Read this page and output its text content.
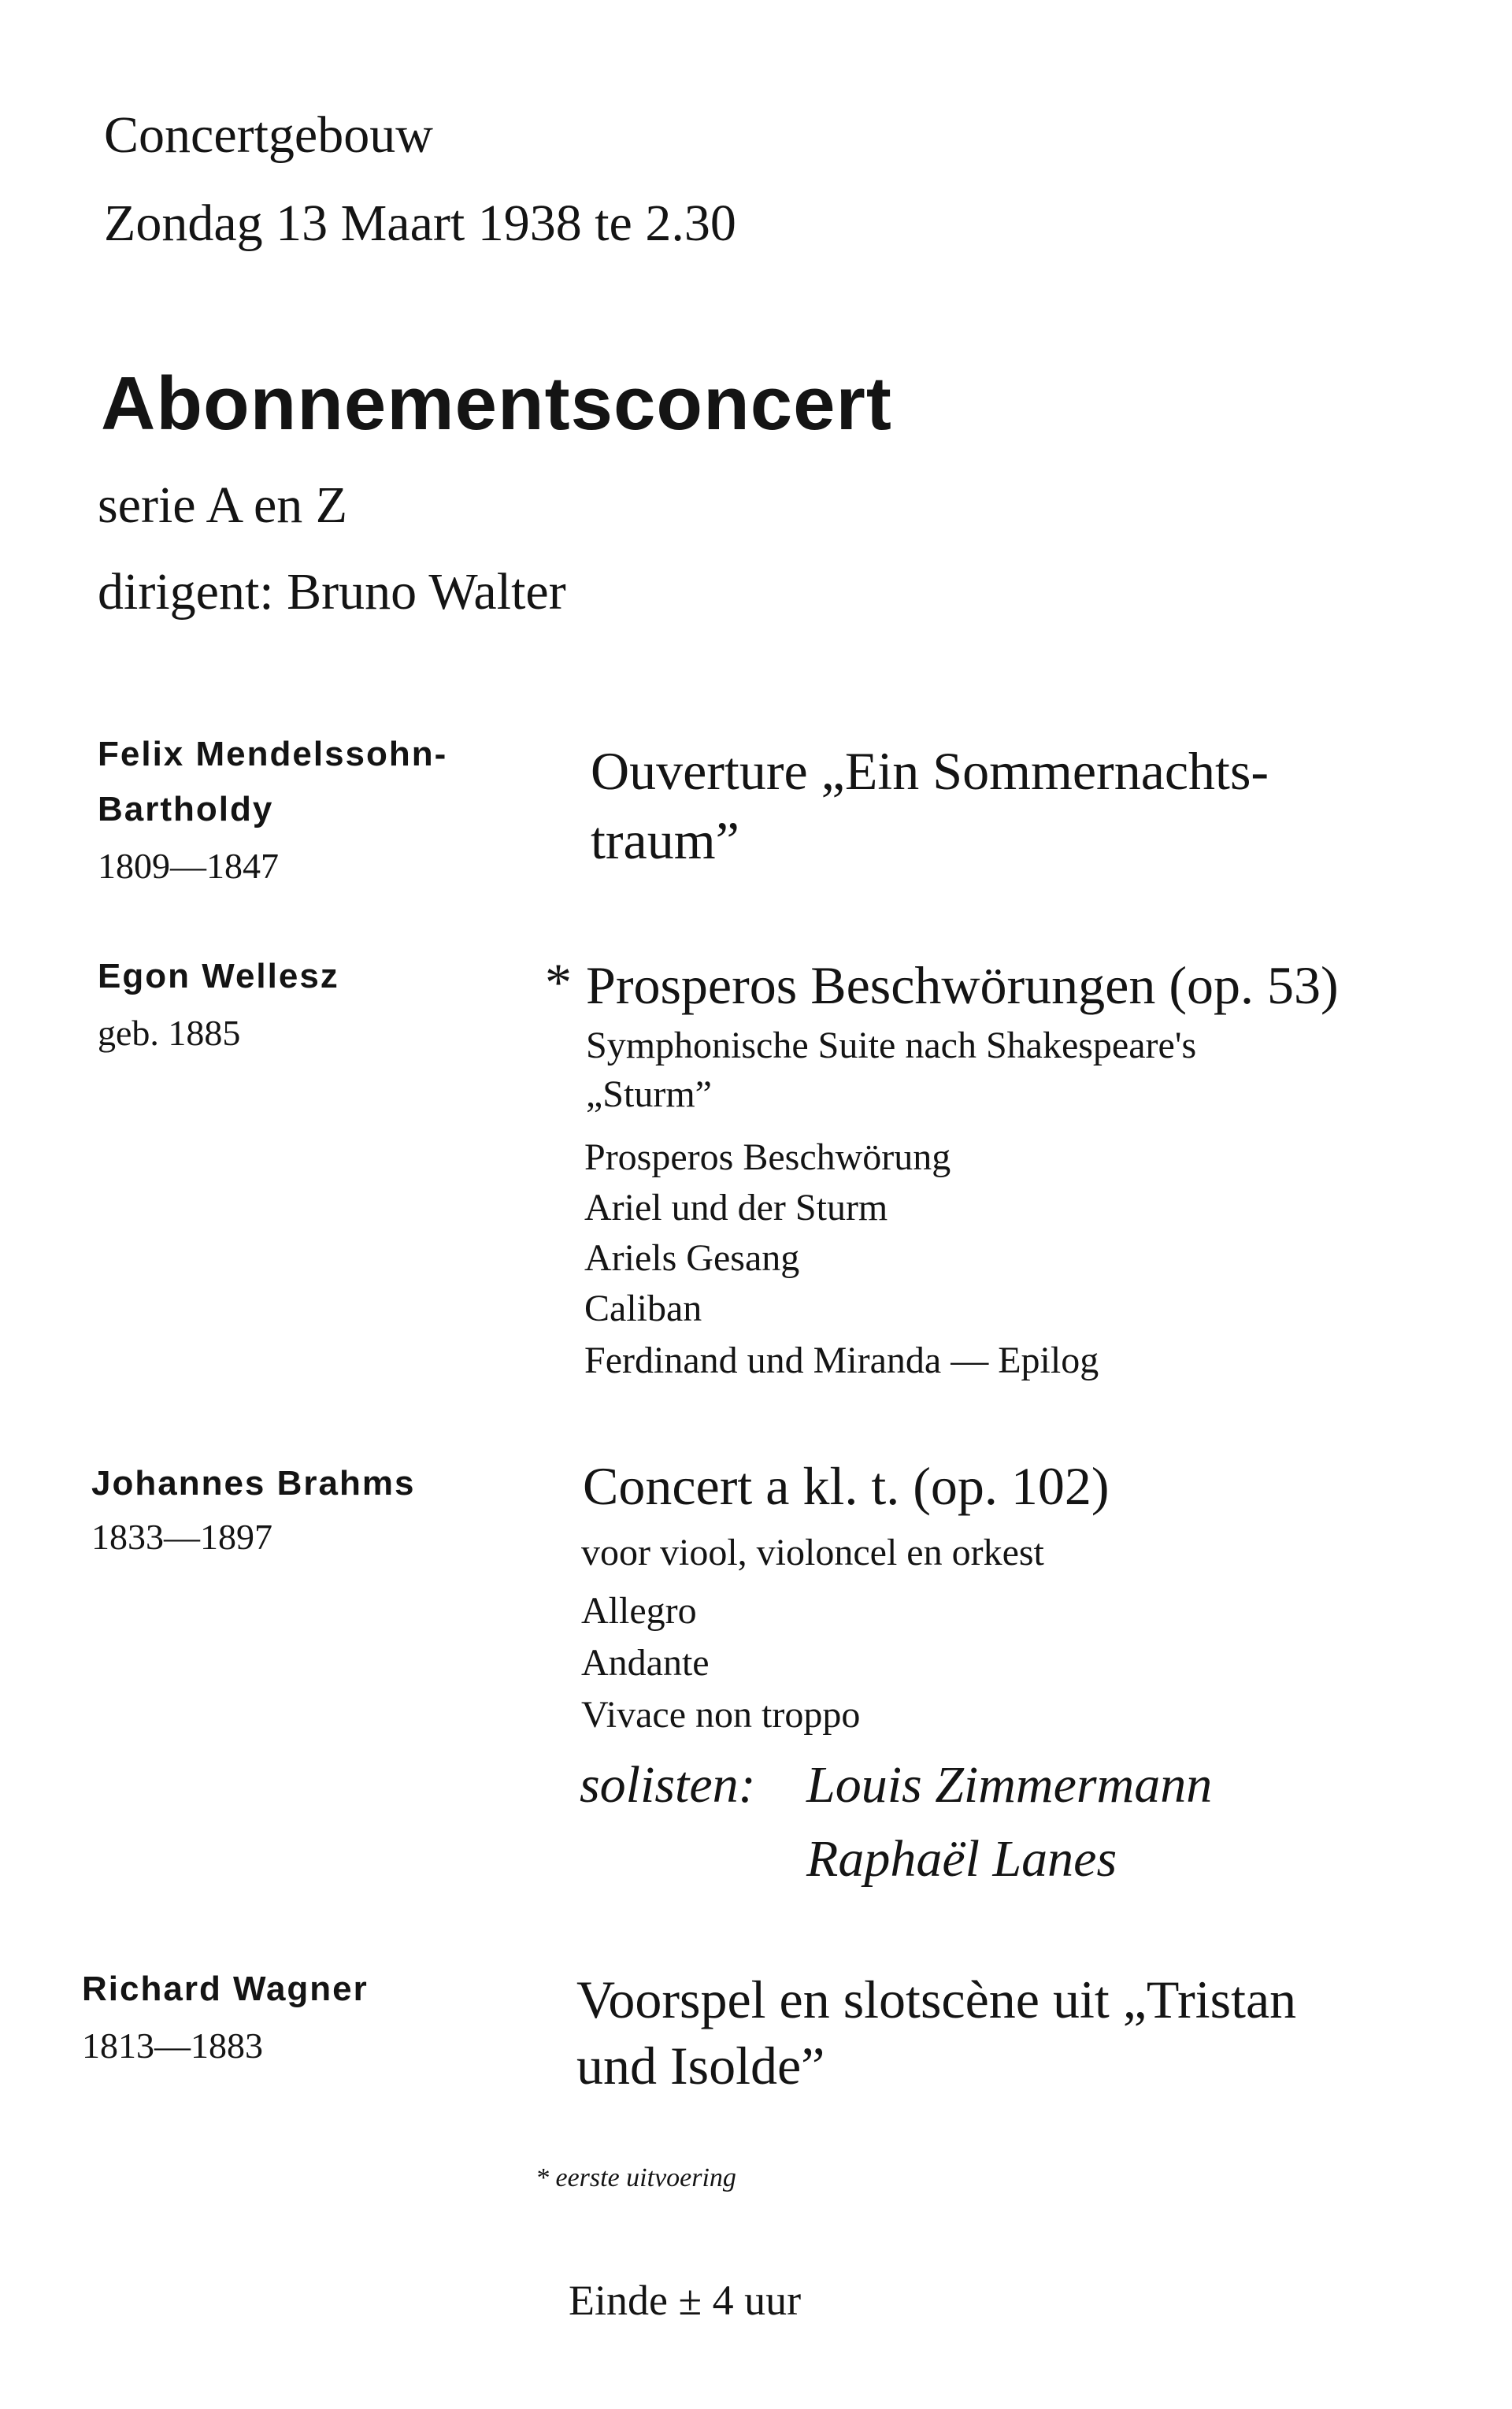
Concertgebouw
Zondag 13 Maart 1938 te 2.30
Abonnementsconcert
serie A en Z
dirigent: Bruno Walter
Felix Mendelssohn-
Bartholdy
1809—1847
Ouverture „Ein Sommernachts-
traum”
Egon Wellesz
geb. 1885
* Prosperos Beschwörungen (op. 53)
Symphonische Suite nach Shakespeare's
„Sturm”
Prosperos Beschwörung
Ariel und der Sturm
Ariels Gesang
Caliban
Ferdinand und Miranda — Epilog
Johannes Brahms
1833—1897
Concert a kl. t. (op. 102)
voor viool, violoncel en orkest
Allegro
Andante
Vivace non troppo
solisten: Louis Zimmermann
Raphaël Lanes
Richard Wagner
1813—1883
Voorspel en slotscène uit „Tristan
und Isolde”
* eerste uitvoering
Einde ± 4 uur
